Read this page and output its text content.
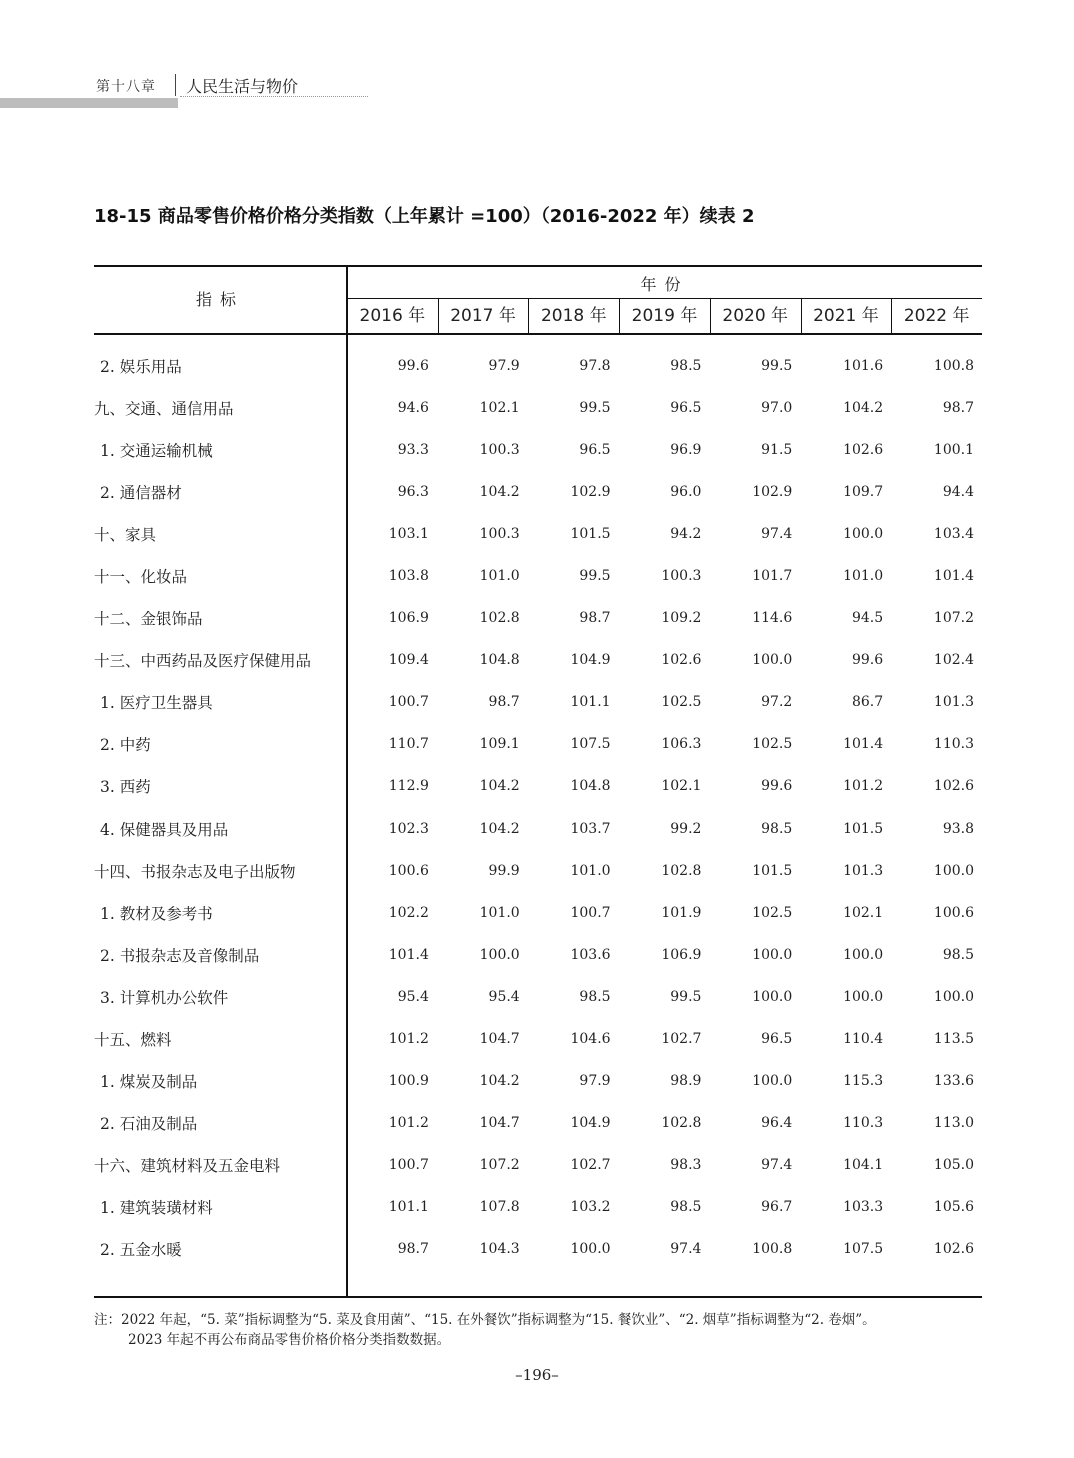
第十八章 人民生活与物价
18-15 商品零售价格价格分类指数（上年累计 =100）（2016-2022 年）续表 2
指标
年份
2016 年	2017 年	2018 年	2019 年	2020 年	2021 年	2022 年
2. 娱乐用品	99.6	97.9	97.8	98.5	99.5	101.6	100.8
九、交通、通信用品	94.6	102.1	99.5	96.5	97.0	104.2	98.7
1. 交通运输机械	93.3	100.3	96.5	96.9	91.5	102.6	100.1
2. 通信器材	96.3	104.2	102.9	96.0	102.9	109.7	94.4
十、家具	103.1	100.3	101.5	94.2	97.4	100.0	103.4
十一、化妆品	103.8	101.0	99.5	100.3	101.7	101.0	101.4
十二、金银饰品	106.9	102.8	98.7	109.2	114.6	94.5	107.2
十三、中西药品及医疗保健用品	109.4	104.8	104.9	102.6	100.0	99.6	102.4
1. 医疗卫生器具	100.7	98.7	101.1	102.5	97.2	86.7	101.3
2. 中药	110.7	109.1	107.5	106.3	102.5	101.4	110.3
3. 西药	112.9	104.2	104.8	102.1	99.6	101.2	102.6
4. 保健器具及用品	102.3	104.2	103.7	99.2	98.5	101.5	93.8
十四、书报杂志及电子出版物	100.6	99.9	101.0	102.8	101.5	101.3	100.0
1. 教材及参考书	102.2	101.0	100.7	101.9	102.5	102.1	100.6
2. 书报杂志及音像制品	101.4	100.0	103.6	106.9	100.0	100.0	98.5
3. 计算机办公软件	95.4	95.4	98.5	99.5	100.0	100.0	100.0
十五、燃料	101.2	104.7	104.6	102.7	96.5	110.4	113.5
1. 煤炭及制品	100.9	104.2	97.9	98.9	100.0	115.3	133.6
2. 石油及制品	101.2	104.7	104.9	102.8	96.4	110.3	113.0
十六、建筑材料及五金电料	100.7	107.2	102.7	98.3	97.4	104.1	105.0
1. 建筑装璜材料	101.1	107.8	103.2	98.5	96.7	103.3	105.6
2. 五金水暖	98.7	104.3	100.0	97.4	100.8	107.5	102.6
注：2022 年起，“5. 菜”指标调整为“5. 菜及食用菌”、“15. 在外餐饮”指标调整为“15. 餐饮业”、“2. 烟草”指标调整为“2. 卷烟”。
2023 年起不再公布商品零售价格价格分类指数数据。
–196–
